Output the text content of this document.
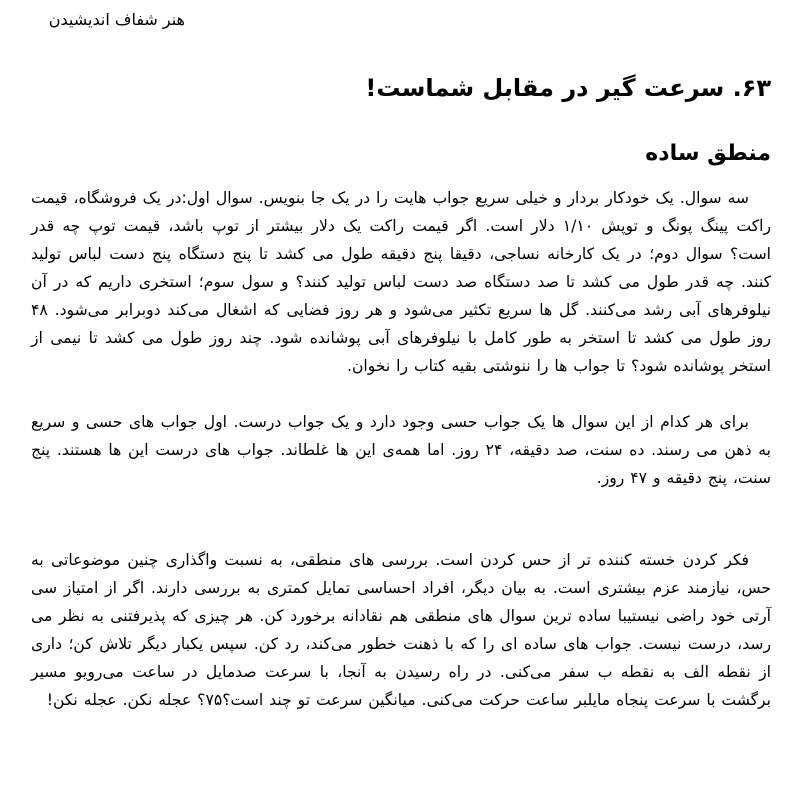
هنر شفاف اندیشیدن
۶۳. سرعت گیر در مقابل شماست!
منطق ساده

سه سوال. یک خودکار بردار و خیلی سریع جواب هایت را در یک جا بنویس. سوال اول:در یک فروشگاه، قیمت راکت پینگ پونگ و توپش ۱/۱۰ دلار است. اگر قیمت راکت یک دلار بیشتر از توپ باشد، قیمت توپ چه قدر است؟ سوال دوم؛ در یک کارخانه نساجی، دقیقا پنج دقیقه طول می کشد تا پنج دستگاه پنج دست لباس تولید کنند. چه قدر طول می کشد تا صد دستگاه صد دست لباس تولید کنند؟ و سول سوم؛ استخری داریم که در آن نیلوفرهای آبی رشد می‌کنند. گل ها سریع تکثیر می‌شود و هر روز فضایی که اشغال می‌کند دوبرابر می‌شود. ۴۸ روز طول می کشد تا استخر به طور کامل با نیلوفرهای آبی پوشانده شود. چند روز طول می کشد تا نیمی از استخر پوشانده شود؟ تا جواب ها را ننوشتی بقیه کتاب را نخوان.

برای هر کدام از این سوال ها یک جواب حسی وجود دارد و یک جواب درست. اول جواب های حسی و سریع به ذهن می رسند. ده سنت، صد دقیقه، ۲۴ روز. اما همه‌ی این ها غلطاند. جواب های درست این ها هستند. پنج سنت، پنج دقیقه و ۴۷ روز.

فکر کردن خسته کننده تر از حس کردن است. بررسی های منطقی، به نسبت واگذاری چنین موضوعاتی به حس، نیازمند عزم بیشتری است. به بیان دیگر، افراد احساسی تمایل کمتری به بررسی دارند. اگر از امتیاز سی آرتی خود راضی نیستیبا ساده ترین سوال های منطقی هم نقادانه برخورد کن. هر چیزی که پذیرفتنی به نظر می رسد، درست نیست. جواب های ساده ای را که با ذهنت خطور می‌کند، رد کن. سپس یکبار دیگر تلاش کن؛ داری از نقطه الف به نقطه ب سفر می‌کنی. در راه رسیدن به آنجا، با سرعت صدمایل در ساعت می‌رویو مسیر برگشت با سرعت پنجاه مایلبر ساعت حرکت می‌کنی. میانگین سرعت تو چند است؟۷۵؟ عجله نکن. عجله نکن!
